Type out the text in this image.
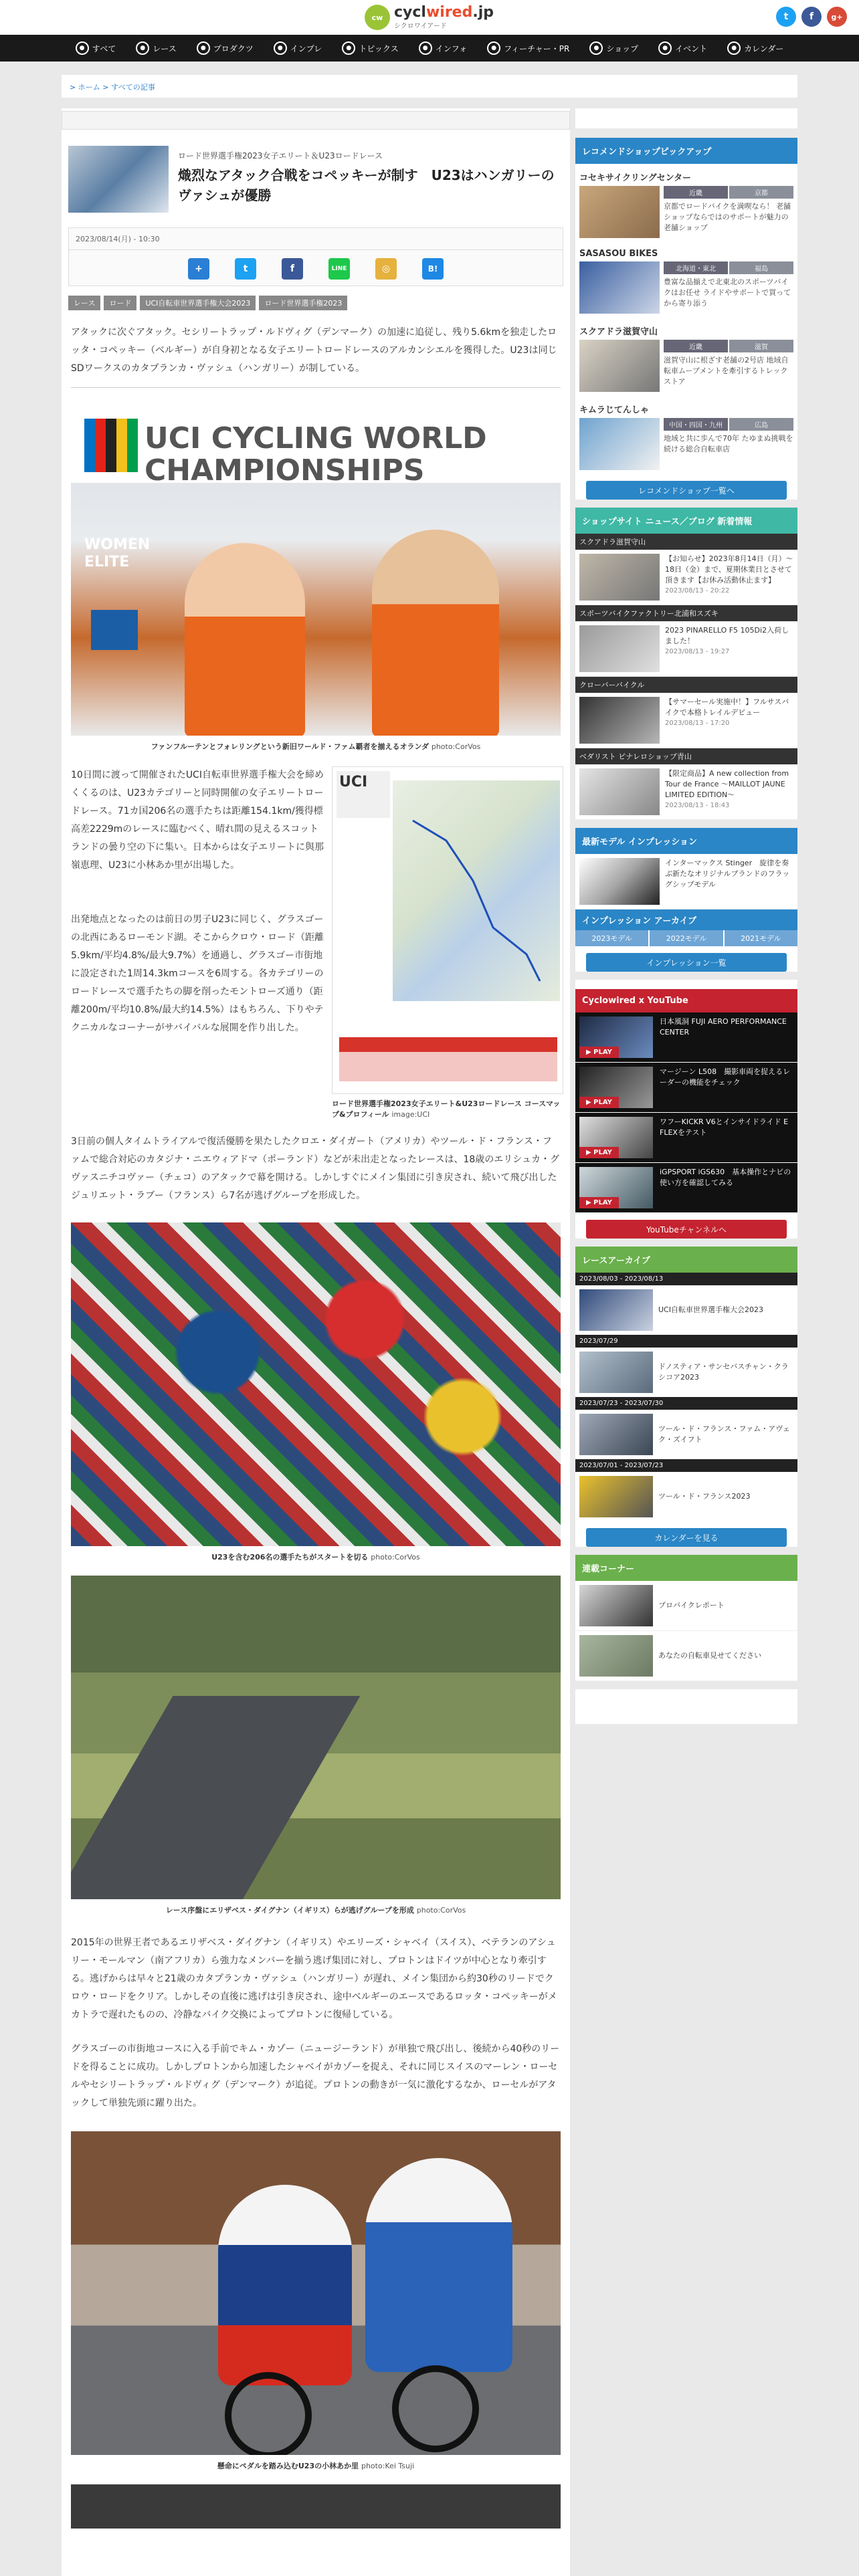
cw cyclwired.jp
シクロワイアード
t	f	g+
● すべて	● レース	● プロダクツ	● インプレ	● トピックス	● インフォ	● フィーチャー・PR	● ショップ	● イベント	● カレンダー
> ホーム > すべての記事
ロード世界選手権2023女子エリート＆U23ロードレース
熾烈なアタック合戦をコペッキーが制す　U23はハンガリーのヴァシュが優勝
2023/08/14(月) - 10:30
+	t	f	LINE	◎	B!
レース	ロード	UCI自転車世界選手権大会2023	ロード世界選手権2023
アタックに次ぐアタック。セシリートラップ・ルドヴィグ（デンマーク）の加速に追従し、残り5.6kmを独走したロッタ・コペッキー（ベルギー）が自身初となる女子エリートロードレースのアルカンシエルを獲得した。U23は同じSDワークスのカタプランカ・ヴァシュ（ハンガリー）が制している。
UCI CYCLING WORLD CHAMPIONSHIPS
WOMEN ELITE
ファンフルーテンとフォレリングという新旧ワールド・ファム覇者を揃えるオランダ photo:CorVos
10日間に渡って開催されたUCI自転車世界選手権大会を締めくくるのは、U23カテゴリーと同時開催の女子エリートロードレース。71カ国206名の選手たちは距離154.1km/獲得標高差2229mのレースに臨むべく、晴れ間の見えるスコットランドの曇り空の下に集い。日本からは女子エリートに與那嶺恵理、U23に小林あか里が出場した。
出発地点となったのは前日の男子U23に同じく、グラスゴーの北西にあるローモンド湖。そこからクロウ・ロード（距離5.9km/平均4.8%/最大9.7%）を通過し、グラスゴー市街地に設定された1周14.3kmコースを6周する。各カテゴリーのロードレースで選手たちの脚を削ったモントローズ通り（距離200m/平均10.8%/最大約14.5%）はもちろん、下りやテクニカルなコーナーがサバイバルな展開を作り出した。
UCI
ロード世界選手権2023女子エリート&U23ロードレース コースマップ&プロフィール image:UCI
3日前の個人タイムトライアルで復活優勝を果たしたクロエ・ダイガート（アメリカ）やツール・ド・フランス・ファムで総合対応のカタジナ・ニエウィアドマ（ポーランド）などが未出走となったレースは、18歳のエリシュカ・グヴァスニチコヴァー（チェコ）のアタックで幕を開ける。しかしすぐにメイン集団に引き戻され、続いて飛び出したジュリエット・ラブー（フランス）ら7名が逃げグループを形成した。
U23を含む206名の選手たちがスタートを切る photo:CorVos
レース序盤にエリザベス・ダイグナン（イギリス）らが逃げグループを形成 photo:CorVos
2015年の世界王者であるエリザベス・ダイグナン（イギリス）やエリーズ・シャベイ（スイス）、ベテランのアシュリー・モールマン（南アフリカ）ら強力なメンバーを揃う逃げ集団に対し、プロトンはドイツが中心となり牽引する。逃げからは早々と21歳のカタプランカ・ヴァシュ（ハンガリー）が遅れ、メイン集団から約30秒のリードでクロウ・ロードをクリア。しかしその直後に逃げは引き戻され、途中ベルギーのエースであるロッタ・コペッキーがメカトラで遅れたものの、冷静なバイク交換によってプロトンに復帰している。
グラスゴーの市街地コースに入る手前でキム・カゾー（ニュージーランド）が単独で飛び出し、後続から40秒のリードを得ることに成功。しかしプロトンから加速したシャベイがカゾーを捉え、それに同じスイスのマーレン・ローセルやセシリートラップ・ルドヴィグ（デンマーク）が追従。プロトンの動きが一気に激化するなか、ローセルがアタックして単独先頭に躍り出た。
懸命にペダルを踏み込むU23の小林あか里 photo:Kei Tsuji
レコメンドショップピックアップ
コセキサイクリングセンター
近畿	京都
京都でロードバイクを満喫なら！ 老舗ショップならではのサポートが魅力の老舗ショップ
SASASOU BIKES
北海道・東北	福島
豊富な品揃えで北東北のスポーツバイクはお任せ ライドやサポートで買ってから寄り添う
スクアドラ滋賀守山
近畿	滋賀
滋賀守山に根ざす老舗の2号店 地域自転車ムーブメントを牽引するトレックストア
キムラじてんしゃ
中国・四国・九州	広島
地域と共に歩んで70年 たゆまぬ挑戦を続ける総合自転車店
レコメンドショップ一覧へ
ショップサイト ニュース／ブログ 新着情報
スクアドラ滋賀守山
【お知らせ】2023年8月14日（月）〜18日（金）まで、夏期休業日とさせて頂きます【お休み活動休止ます】
2023/08/13 - 20:22
スポーツバイクファクトリー北浦和スズキ
2023 PINARELLO F5 105Di2入荷しました！
2023/08/13 - 19:27
クローバーバイクル
【サマーセール実施中！】フルサスバイクで本格トレイルデビュー
2023/08/13 - 17:20
ベダリスト ピナレロショップ青山
【限定商品】A new collection from Tour de France 〜MAILLOT JAUNE LIMITED EDITION〜
2023/08/13 - 18:43
最新モデル インプレッション
インターマックス Stinger　旋律を奏ぶ新たなオリジナルブランドのフラッグシップモデル
インプレッション アーカイブ
2023モデル	2022モデル	2021モデル
インプレッション一覧
Cyclowired x YouTube
▶ PLAY
日本風洞 FUJI AERO PERFORMANCE CENTER
▶ PLAY
マージーン L508　撮影車両を捉えるレーダーの機能をチェック
▶ PLAY
ワフーKICKR V6とインサイドライド E FLEXをテスト
▶ PLAY
iGPSPORT iGS630　基本操作とナビの使い方を確認してみる
YouTubeチャンネルへ
レースアーカイブ
2023/08/03 - 2023/08/13
UCI自転車世界選手権大会2023
2023/07/29
ドノスティア・サンセバスチャン・クラシコア2023
2023/07/23 - 2023/07/30
ツール・ド・フランス・ファム・アヴェク・ズイフト
2023/07/01 - 2023/07/23
ツール・ド・フランス2023
カレンダーを見る
連載コーナー
プロバイクレポート
あなたの自転車見せてください
